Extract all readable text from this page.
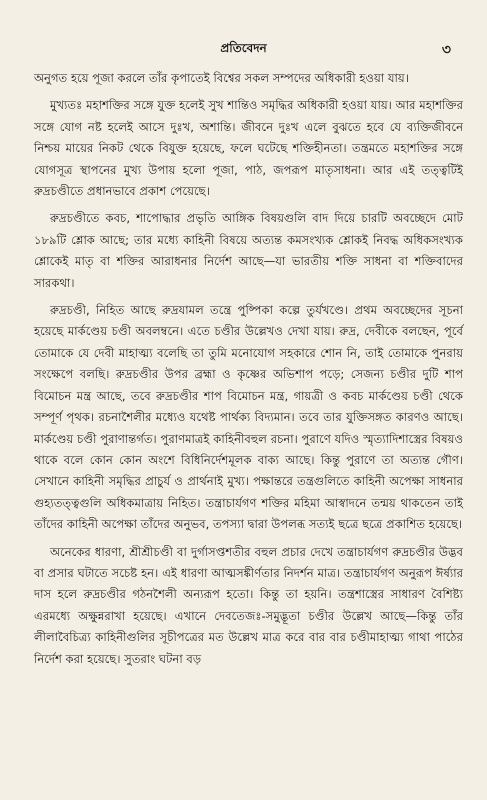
প্রতিবেদন	৩

অনুগত হয়ে পূজা করলে তাঁর কৃপাতেই বিশ্বের সকল সম্পদের অধিকারী হওয়া যায়।

মুখ্যতঃ মহাশক্তির সঙ্গে যুক্ত হলেই সুখ শান্তিও সমৃদ্ধির অধিকারী হওয়া যায়। আর মহাশক্তির সঙ্গে যোগ নষ্ট হলেই আসে দুঃখ, অশান্তি। জীবনে দুঃখ এলে বুঝতে হবে যে ব্যক্তিজীবনে নিশ্চয় মায়ের নিকট থেকে বিযুক্ত হয়েছে, ফলে ঘটেছে শক্তিহীনতা। তন্ত্রমতে মহাশক্তির সঙ্গে যোগসূত্র স্থাপনের মুখ্য উপায় হলো পূজা, পাঠ, জপরূপ মাতৃসাধনা। আর এই তত্ত্বটিই রুদ্রচণ্ডীতে প্রধানভাবে প্রকাশ পেয়েছে।

রুদ্রচণ্ডীতে কবচ, শাপোদ্ধার প্রভৃতি আঙ্গিক বিষয়গুলি বাদ দিয়ে চারটি অবচ্ছেদে মোট ১৮৯টি শ্লোক আছে; তার মধ্যে কাহিনী বিষয়ে অত্যন্ত কমসংখ্যক শ্লোকই নিবদ্ধ অধিকসংখ্যক শ্লোকেই মাতৃ বা শক্তির আরাধনার নির্দেশ আছে—যা ভারতীয় শক্তি সাধনা বা শক্তিবাদের সারকথা।

রুদ্রচণ্ডী, নিহিত আছে রুদ্রযামল তন্ত্রে পুষ্পিকা কল্পে তুর্যখণ্ডে। প্রথম অবচ্ছেদের সূচনা হয়েছে মার্কণ্ডেয় চণ্ডী অবলম্বনে। এতে চণ্ডীর উল্লেখও দেখা যায়। রুদ্র, দেবীকে বলছেন, পূর্বে তোমাকে যে দেবী মাহাত্ম্য বলেছি তা তুমি মনোযোগ সহকারে শোন নি, তাই তোমাকে পুনরায় সংক্ষেপে বলছি। রুদ্রচণ্ডীর উপর ব্রহ্মা ও কৃষ্ণের অভিশাপ পড়ে; সেজন্য চণ্ডীর দুটি শাপ বিমোচন মন্ত্র আছে, তবে রুদ্রচণ্ডীর শাপ বিমোচন মন্ত্র, গায়ত্রী ও কবচ মার্কণ্ডেয় চণ্ডী থেকে সম্পূর্ণ পৃথক। রচনাশৈলীর মধ্যেও যথেষ্ট পার্থক্য বিদ্যমান। তবে তার যুক্তিসঙ্গত কারণও আছে। মার্কণ্ডেয় চণ্ডী পুরাণান্তর্গত। পুরাণমাত্রই কাহিনীবহুল রচনা। পুরাণে যদিও স্মৃত্যাদিশাস্ত্রের বিষয়ও থাকে বলে কোন কোন অংশে বিধিনির্দেশমূলক বাক্য আছে। কিন্তু পুরাণে তা অত্যন্ত গৌণ। সেখানে কাহিনী সমৃদ্ধির প্রাচুর্য ও প্রার্থনাই মুখ্য। পক্ষান্তরে তন্ত্রগুলিতে কাহিনী অপেক্ষা সাধনার গুহ্যতত্ত্বগুলি অধিকমাত্রায় নিহিত। তন্ত্রাচার্যগণ শক্তির মহিমা আস্বাদনে তন্ময় থাকতেন তাই তাঁদের কাহিনী অপেক্ষা তাঁদের অনুভব, তপস্যা দ্বারা উপলব্ধ সত্যই ছত্রে ছত্রে প্রকাশিত হয়েছে।

অনেকের ধারণা, শ্রীশ্রীচণ্ডী বা দুর্গাসপ্তশতীর বহুল প্রচার দেখে তন্ত্রাচার্যগণ রুদ্রচণ্ডীর উদ্ভব বা প্রসার ঘটাতে সচেষ্ট হন। এই ধারণা আত্মসঙ্কীর্ণতার নিদর্শন মাত্র। তন্ত্রাচার্যগণ অনুরূপ ঈর্ষ্যার দাস হলে রুদ্রচণ্ডীর গঠনশৈলী অন্যরূপ হতো। কিন্তু তা হয়নি। তন্ত্রশাস্ত্রের সাধারণ বৈশিষ্ট্য এরমধ্যে অক্ষুন্নরাখা হয়েছে। এখানে দেবতেজঃ-সমুদ্ভূতা চণ্ডীর উল্লেখ আছে—কিন্তু তাঁর লীলাবৈচিত্র্য কাহিনীগুলির সূচীপত্রের মত উল্লেখ মাত্র করে বার বার চণ্ডীমাহাত্ম্য গাথা পাঠের নির্দেশ করা হয়েছে। সুতরাং ঘটনা বড়
